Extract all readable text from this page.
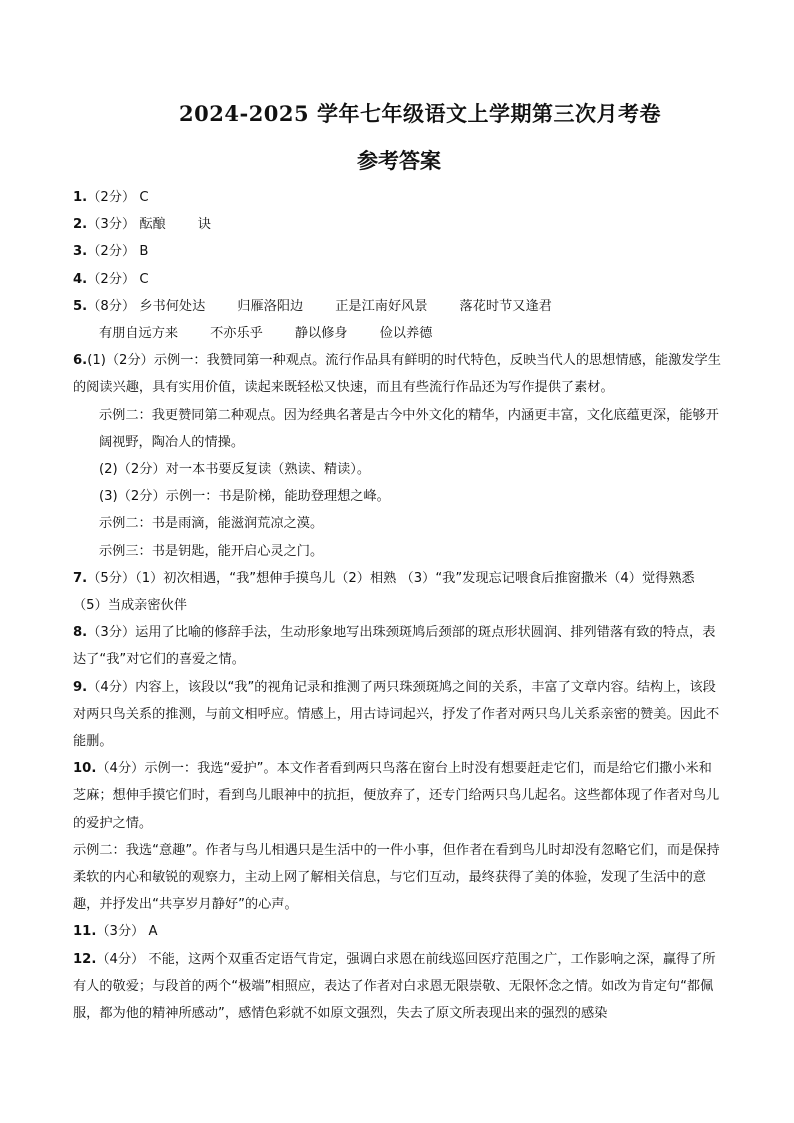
2024-2025 学年七年级语文上学期第三次月考卷
参考答案

1.（2分） C

2.（3分） 酝酿 诀

3.（2分） B

4.（2分） C

5.（8分） 乡书何处达 归雁洛阳边 正是江南好风景 落花时节又逢君

有朋自远方来 不亦乐乎 静以修身 俭以养德

6.(1)（2分）示例一：我赞同第一种观点。流行作品具有鲜明的时代特色，反映当代人的思想情感，能激发学生的阅读兴趣，具有实用价值，读起来既轻松又快速，而且有些流行作品还为写作提供了素材。

示例二：我更赞同第二种观点。因为经典名著是古今中外文化的精华，内涵更丰富，文化底蕴更深，能够开阔视野，陶冶人的情操。

(2)（2分）对一本书要反复读（熟读、精读）。

(3)（2分）示例一：书是阶梯，能助登理想之峰。

示例二：书是雨滴，能滋润荒凉之漠。

示例三：书是钥匙，能开启心灵之门。

7.（5分）（1）初次相遇，“我”想伸手摸鸟儿（2）相熟 （3）“我”发现忘记喂食后推窗撒米（4）觉得熟悉 （5）当成亲密伙伴

8.（3分）运用了比喻的修辞手法，生动形象地写出珠颈斑鸠后颈部的斑点形状圆润、排列错落有致的特点，表达了“我”对它们的喜爱之情。

9.（4分）内容上，该段以“我”的视角记录和推测了两只珠颈斑鸠之间的关系，丰富了文章内容。结构上，该段对两只鸟关系的推测，与前文相呼应。情感上，用古诗词起兴，抒发了作者对两只鸟儿关系亲密的赞美。因此不能删。

10.（4分）示例一：我选“爱护”。本文作者看到两只鸟落在窗台上时没有想要赶走它们，而是给它们撒小米和芝麻；想伸手摸它们时，看到鸟儿眼神中的抗拒，便放弃了，还专门给两只鸟儿起名。这些都体现了作者对鸟儿的爱护之情。

示例二：我选“意趣”。作者与鸟儿相遇只是生活中的一件小事，但作者在看到鸟儿时却没有忽略它们，而是保持柔软的内心和敏锐的观察力，主动上网了解相关信息，与它们互动，最终获得了美的体验，发现了生活中的意趣，并抒发出“共享岁月静好”的心声。

11.（3分） A

12.（4分） 不能，这两个双重否定语气肯定，强调白求恩在前线巡回医疗范围之广，工作影响之深，赢得了所有人的敬爱；与段首的两个“极端”相照应，表达了作者对白求恩无限崇敬、无限怀念之情。如改为肯定句“都佩服，都为他的精神所感动”，感情色彩就不如原文强烈，失去了原文所表现出来的强烈的感染
